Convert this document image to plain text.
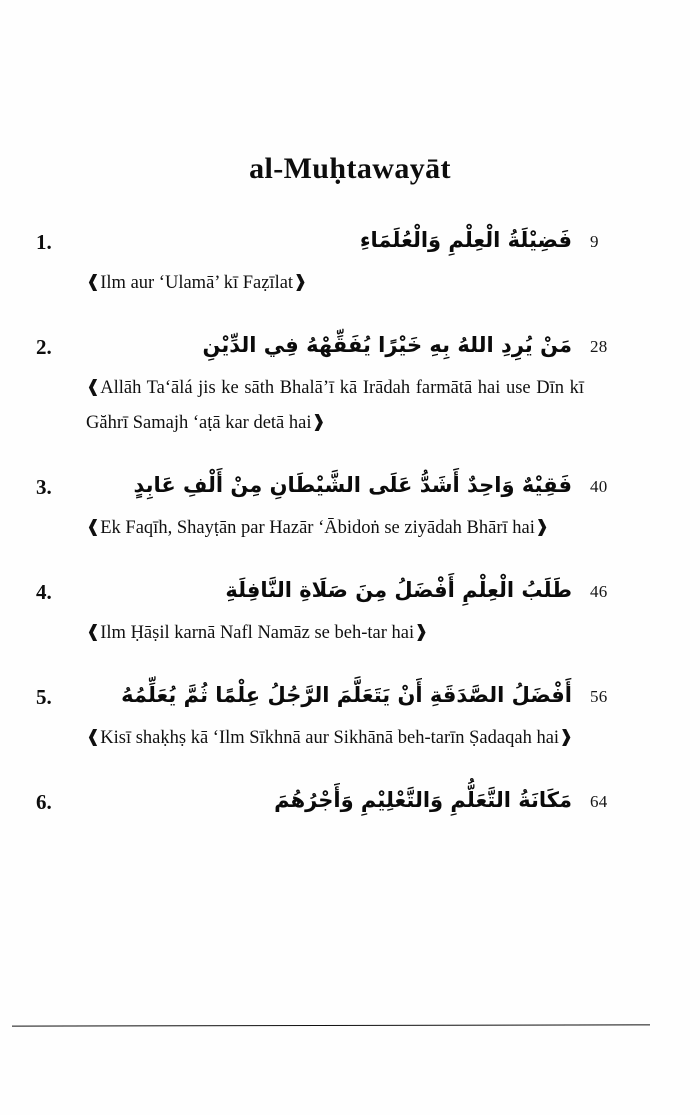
al-Muḥtawayāt
1.	فَضِيْلَةُ الْعِلْمِ وَالْعُلَمَاءِ 9
❰Ilm aur ‘Ulamā’ kī Faẓīlat❱
2.	مَنْ يُرِدِ اللهُ بِهِ خَيْرًا يُفَقِّهْهُ فِي الدِّيْنِ 28
❰Allāh Ta‘ālá jis ke sāth Bhalā’ī kā Irādah farmātā hai use Dīn kī Găhrī Samajh ‘aṭā kar detā hai❱
3.	فَقِيْهٌ وَاحِدٌ أَشَدُّ عَلَى الشَّيْطَانِ مِنْ أَلْفِ عَابِدٍ 40
❰Ek Faqīh, Shayṭān par Hazār ‘Ābidoṅ se ziyādah Bhārī hai❱
4.	طَلَبُ الْعِلْمِ أَفْضَلُ مِنَ صَلَاةِ النَّافِلَةِ 46
❰Ilm Ḥāṣil karnā Nafl Namāz se beh-tar hai❱
5.	أَفْضَلُ الصَّدَقَةِ أَنْ يَتَعَلَّمَ الرَّجُلُ عِلْمًا ثُمَّ يُعَلِّمُهُ 56
❰Kisī shaḳhṣ kā ‘Ilm Sīkhnā aur Sikhānā beh-tarīn Ṣadaqah hai❱
6.	مَكَانَةُ التَّعَلُّمِ وَالتَّعْلِيْمِ وَأَجْرُهُمَ 64
